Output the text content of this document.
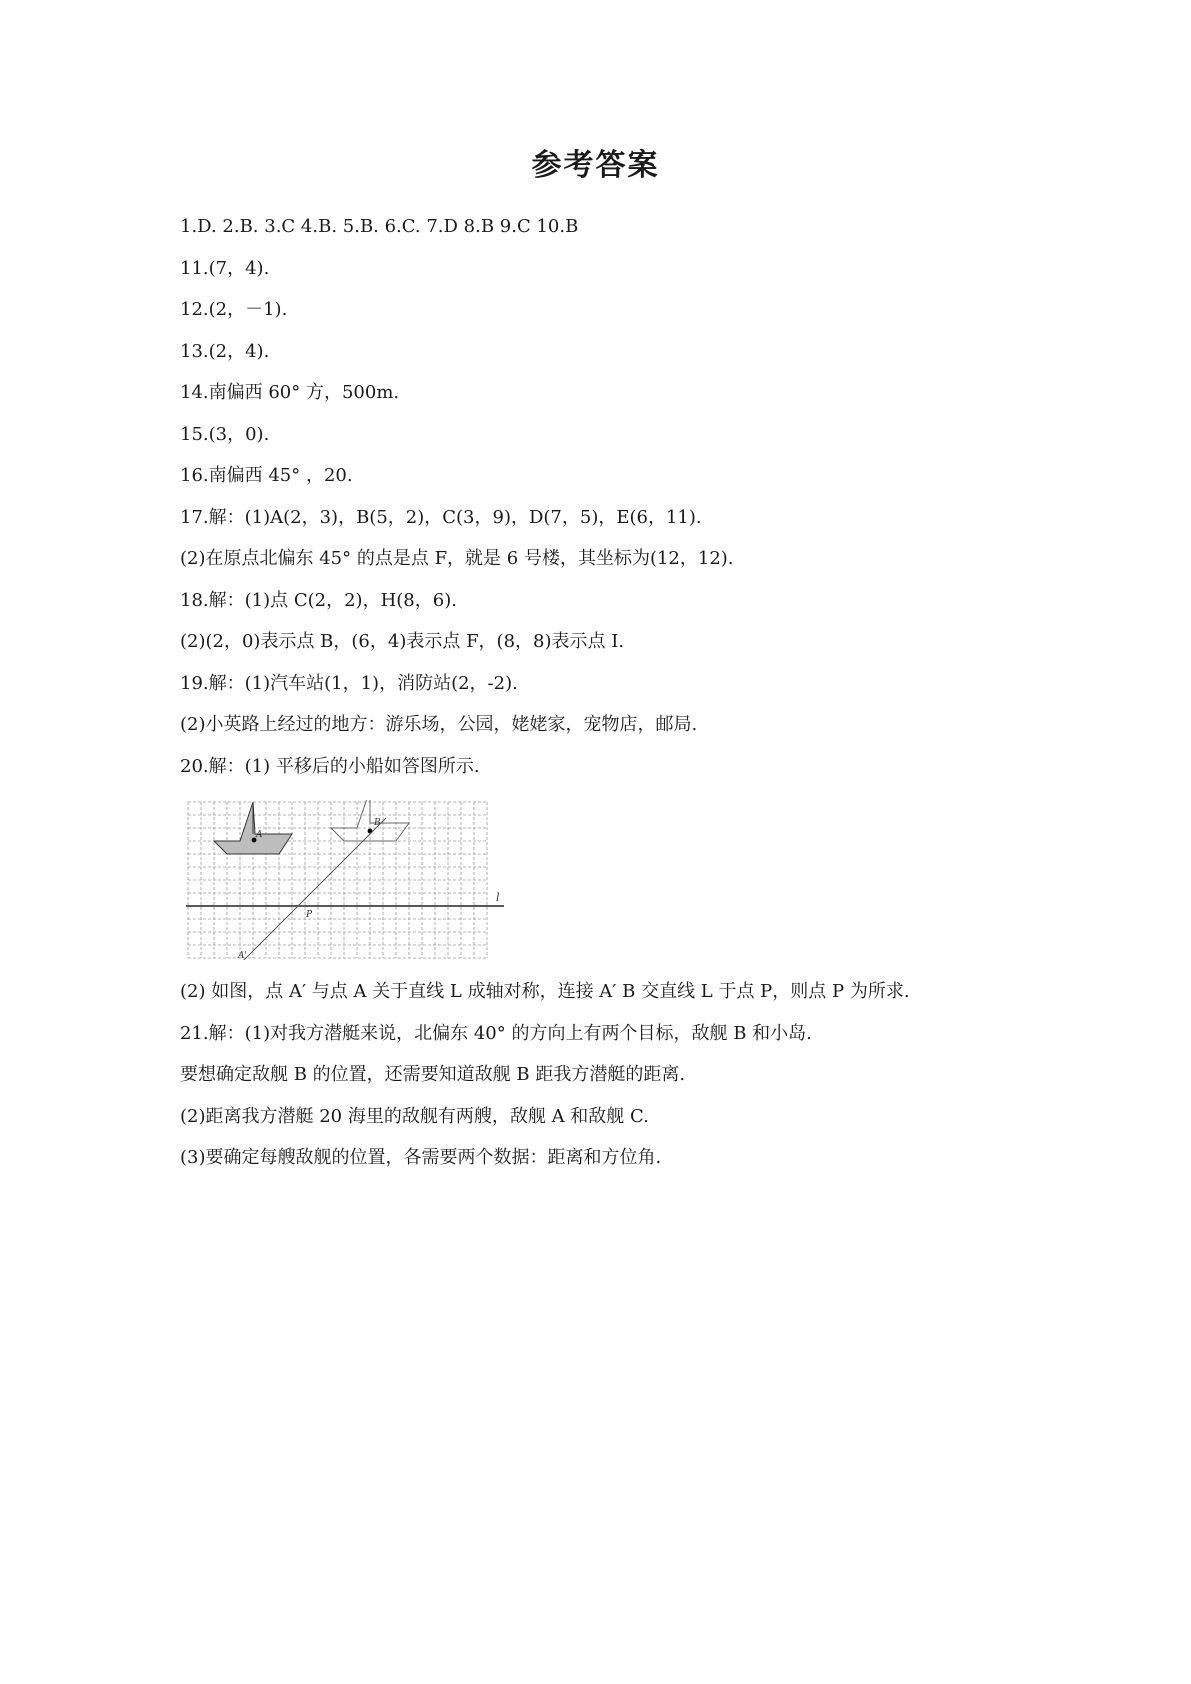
参考答案
1.D. 2.B. 3.C 4.B. 5.B. 6.C. 7.D 8.B 9.C 10.B
11.(7，4).
12.(2，－1).
13.(2，4).
14.南偏西 60° 方，500m.
15.(3，0).
16.南偏西 45° ，20.
17.解：(1)A(2，3)，B(5，2)，C(3，9)，D(7，5)，E(6，11).
(2)在原点北偏东 45° 的点是点 F，就是 6 号楼，其坐标为(12，12).
18.解：(1)点 C(2，2)，H(8，6).
(2)(2，0)表示点 B，(6，4)表示点 F，(8，8)表示点 I.
19.解：(1)汽车站(1，1)，消防站(2，-2).
(2)小英路上经过的地方：游乐场，公园，姥姥家，宠物店，邮局.
20.解：(1) 平移后的小船如答图所示.
l
A
B
P
A'
(2) 如图，点 A′ 与点 A 关于直线 L 成轴对称，连接 A′ B 交直线 L 于点 P，则点 P 为所求.
21.解：(1)对我方潜艇来说，北偏东 40° 的方向上有两个目标，敌舰 B 和小岛.
要想确定敌舰 B 的位置，还需要知道敌舰 B 距我方潜艇的距离.
(2)距离我方潜艇 20 海里的敌舰有两艘，敌舰 A 和敌舰 C.
(3)要确定每艘敌舰的位置，各需要两个数据：距离和方位角.
